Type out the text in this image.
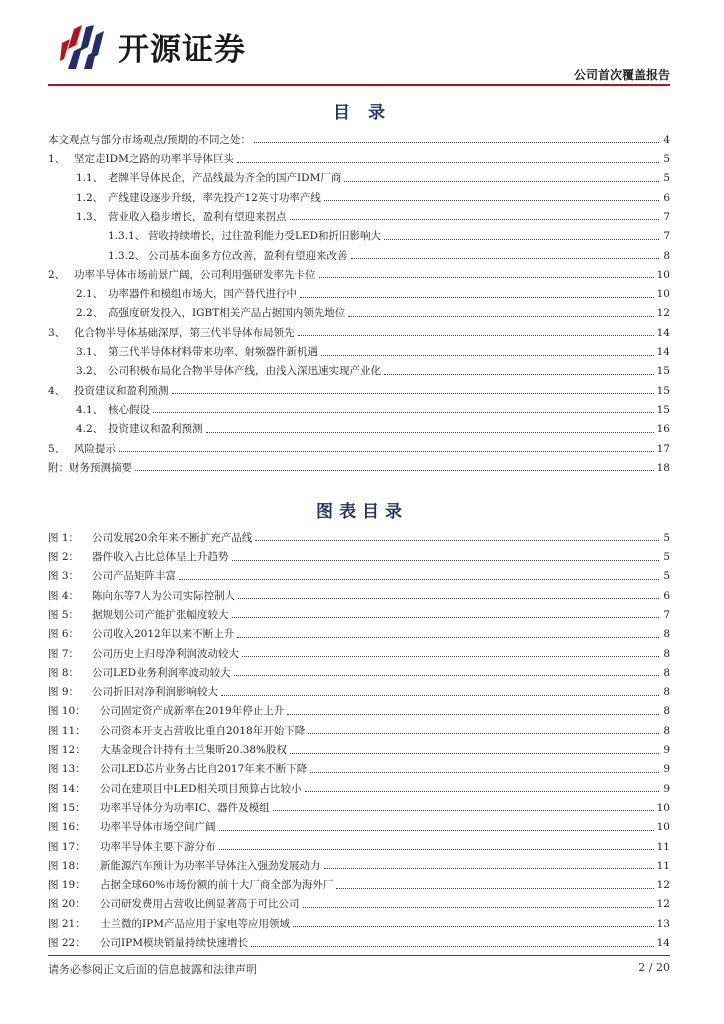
开源证券
公司首次覆盖报告
目 录
本文观点与部分市场观点/预期的不同之处：	4
1、 坚定走IDM之路的功率半导体巨头	5
1.1、 老牌半导体民企，产品线最为齐全的国产IDM厂商	5
1.2、 产线建设逐步升级，率先投产12英寸功率产线	6
1.3、 营业收入稳步增长，盈利有望迎来拐点	7
1.3.1、 营收持续增长，过往盈利能力受LED和折旧影响大	7
1.3.2、 公司基本面多方位改善，盈利有望迎来改善	8
2、 功率半导体市场前景广阔，公司利用强研发率先卡位	10
2.1、 功率器件和模组市场大，国产替代进行中	10
2.2、 高强度研发投入，IGBT相关产品占据国内领先地位	12
3、 化合物半导体基础深厚，第三代半导体布局领先	14
3.1、 第三代半导体材料带来功率、射频器件新机遇	14
3.2、 公司积极布局化合物半导体产线，由浅入深迅速实现产业化	15
4、 投资建议和盈利预测	15
4.1、 核心假设	15
4.2、 投资建议和盈利预测	16
5、 风险提示	17
附：财务预测摘要	18
图表目录
图 1： 公司发展20余年来不断扩充产品线	5
图 2： 器件收入占比总体呈上升趋势	5
图 3： 公司产品矩阵丰富	5
图 4： 陈向东等7人为公司实际控制人	6
图 5： 据规划公司产能扩张幅度较大	7
图 6： 公司收入2012年以来不断上升	8
图 7： 公司历史上归母净利润波动较大	8
图 8： 公司LED业务利润率波动较大	8
图 9： 公司折旧对净利润影响较大	8
图 10： 公司固定资产成新率在2019年停止上升	8
图 11： 公司资本开支占营收比重自2018年开始下降	8
图 12： 大基金现合计持有士兰集昕20.38%股权	9
图 13： 公司LED芯片业务占比自2017年来不断下降	9
图 14： 公司在建项目中LED相关项目预算占比较小	9
图 15： 功率半导体分为功率IC、器件及模组	10
图 16： 功率半导体市场空间广阔	10
图 17： 功率半导体主要下游分布	11
图 18： 新能源汽车预计为功率半导体注入强劲发展动力	11
图 19： 占据全球60%市场份额的前十大厂商全部为海外厂	12
图 20： 公司研发费用占营收比例显著高于可比公司	12
图 21： 士兰微的IPM产品应用于家电等应用领域	13
图 22： 公司IPM模块销量持续快速增长	14
请务必参阅正文后面的信息披露和法律声明	2 / 20
